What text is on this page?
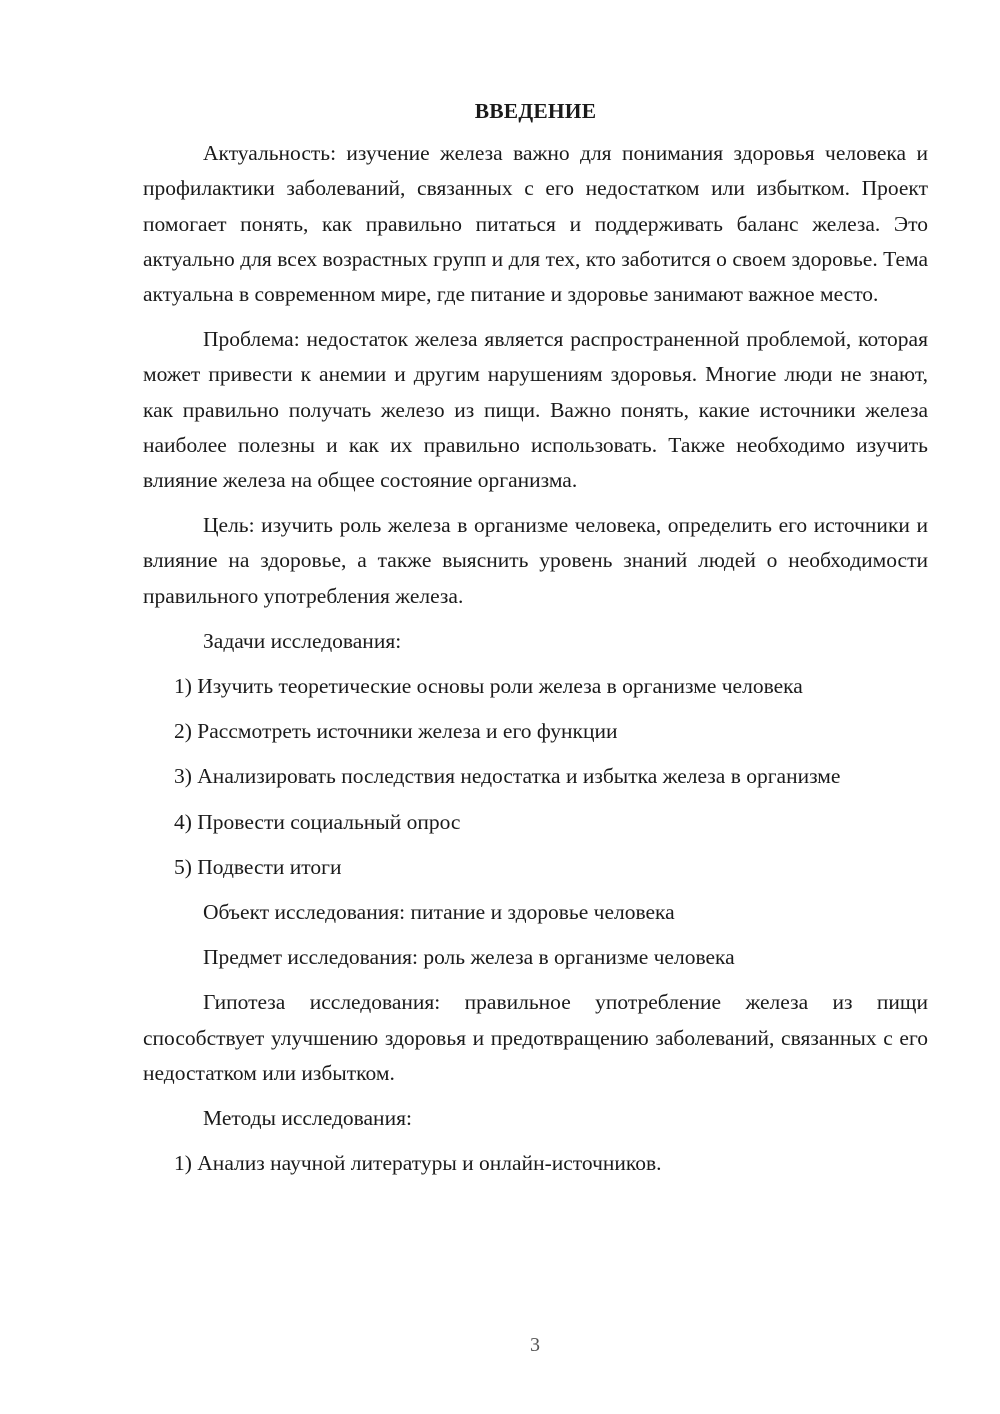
ВВЕДЕНИЕ

Актуальность: изучение железа важно для понимания здоровья человека и профилактики заболеваний, связанных с его недостатком или избытком. Проект помогает понять, как правильно питаться и поддерживать баланс железа. Это актуально для всех возрастных групп и для тех, кто заботится о своем здоровье. Тема актуальна в современном мире, где питание и здоровье занимают важное место.

Проблема: недостаток железа является распространенной проблемой, которая может привести к анемии и другим нарушениям здоровья. Многие люди не знают, как правильно получать железо из пищи. Важно понять, какие источники железа наиболее полезны и как их правильно использовать. Также необходимо изучить влияние железа на общее состояние организма.

Цель: изучить роль железа в организме человека, определить его источники и влияние на здоровье, а также выяснить уровень знаний людей о необходимости правильного употребления железа.

Задачи исследования:

1) Изучить теоретические основы роли железа в организме человека

2) Рассмотреть источники железа и его функции

3) Анализировать последствия недостатка и избытка железа в организме

4) Провести социальный опрос

5) Подвести итоги

Объект исследования: питание и здоровье человека

Предмет исследования: роль железа в организме человека

Гипотеза исследования: правильное употребление железа из пищи способствует улучшению здоровья и предотвращению заболеваний, связанных с его недостатком или избытком.

Методы исследования:

1) Анализ научной литературы и онлайн-источников.

3
